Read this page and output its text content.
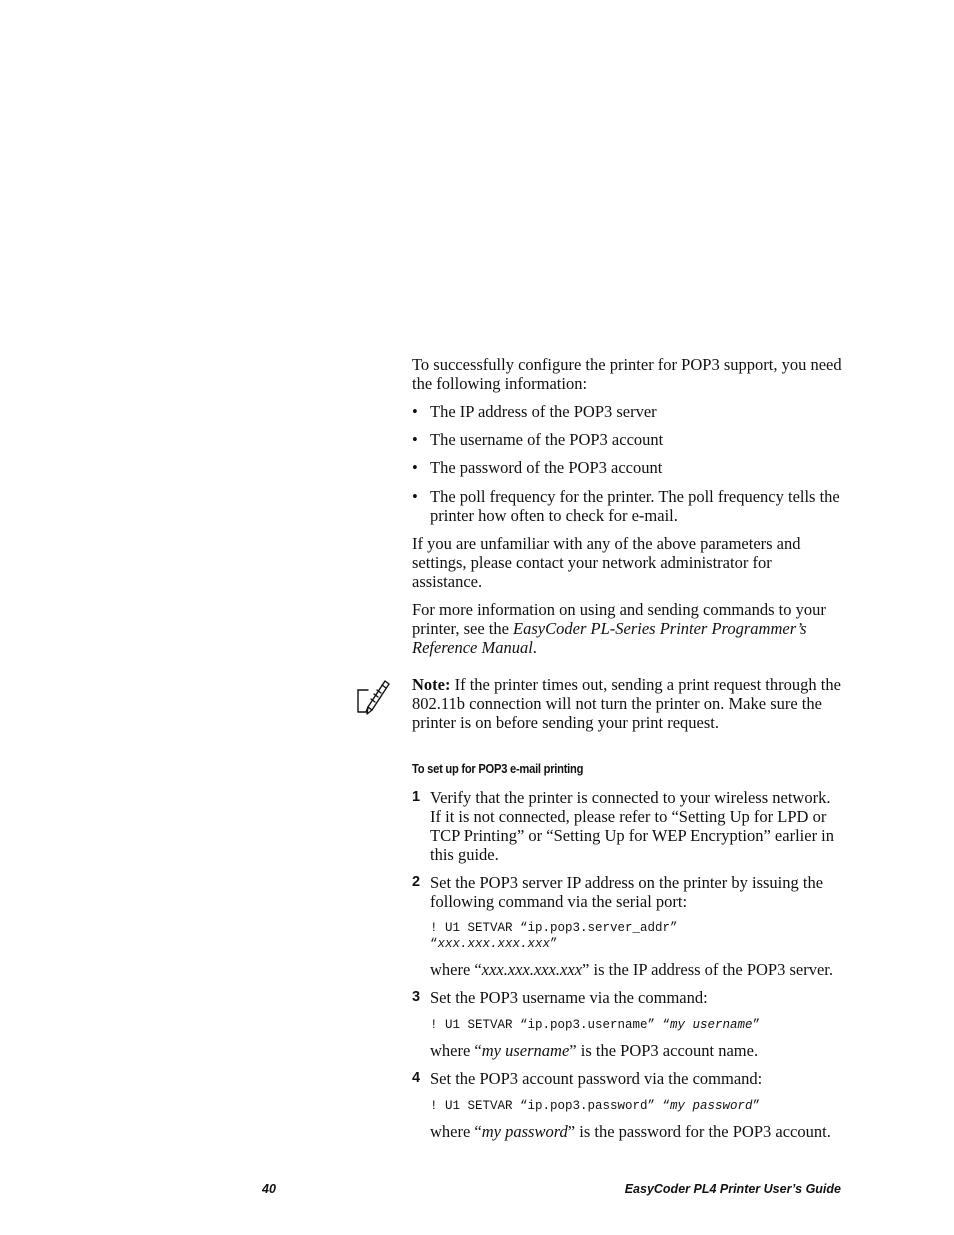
To successfully configure the printer for POP3 support, you need the following information:
• The IP address of the POP3 server
• The username of the POP3 account
• The password of the POP3 account
• The poll frequency for the printer. The poll frequency tells the printer how often to check for e-mail.
If you are unfamiliar with any of the above parameters and settings, please contact your network administrator for assistance.
For more information on using and sending commands to your printer, see the EasyCoder PL-Series Printer Programmer’s Reference Manual.
Note: If the printer times out, sending a print request through the 802.11b connection will not turn the printer on. Make sure the printer is on before sending your print request.
To set up for POP3 e-mail printing
1 Verify that the printer is connected to your wireless network. If it is not connected, please refer to “Setting Up for LPD or TCP Printing” or “Setting Up for WEP Encryption” earlier in this guide.
2 Set the POP3 server IP address on the printer by issuing the following command via the serial port:
! U1 SETVAR “ip.pop3.server_addr”
“xxx.xxx.xxx.xxx”
where “xxx.xxx.xxx.xxx” is the IP address of the POP3 server.
3 Set the POP3 username via the command:
! U1 SETVAR “ip.pop3.username” “my username”
where “my username” is the POP3 account name.
4 Set the POP3 account password via the command:
! U1 SETVAR “ip.pop3.password” “my password”
where “my password” is the password for the POP3 account.
40	EasyCoder PL4 Printer User’s Guide
